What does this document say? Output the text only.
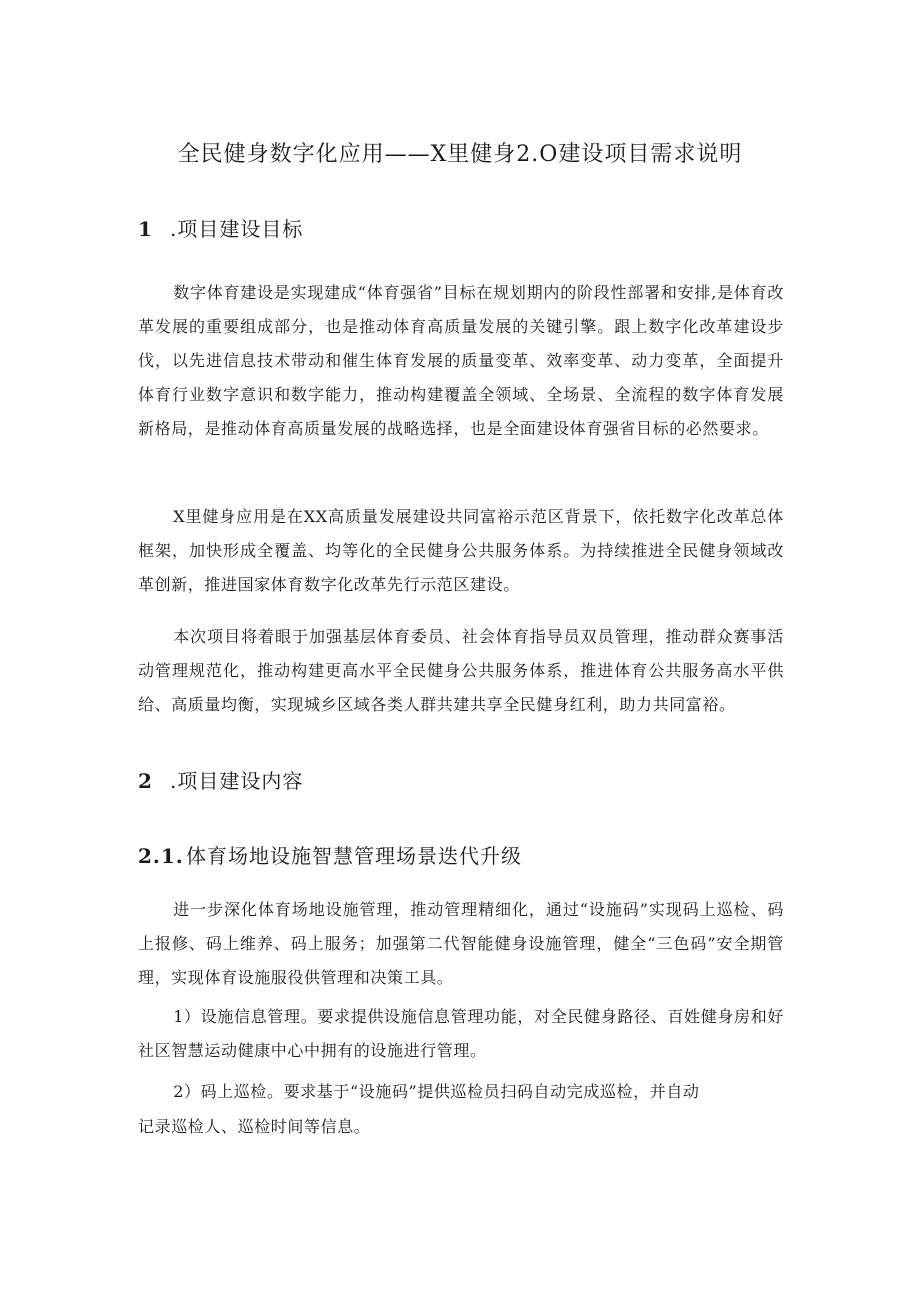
全民健身数字化应用——X里健身2.O建设项目需求说明
1 .项目建设目标

数字体育建设是实现建成“体育强省”目标在规划期内的阶段性部署和安排,是体育改革发展的重要组成部分，也是推动体育高质量发展的关键引擎。跟上数字化改革建设步伐，以先进信息技术带动和催生体育发展的质量变革、效率变革、动力变革，全面提升体育行业数字意识和数字能力，推动构建覆盖全领域、全场景、全流程的数字体育发展新格局，是推动体育高质量发展的战略选择，也是全面建设体育强省目标的必然要求。

X里健身应用是在XX高质量发展建设共同富裕示范区背景下，依托数字化改革总体框架，加快形成全覆盖、均等化的全民健身公共服务体系。为持续推进全民健身领域改革创新，推进国家体育数字化改革先行示范区建设。

本次项目将着眼于加强基层体育委员、社会体育指导员双员管理，推动群众赛事活动管理规范化，推动构建更高水平全民健身公共服务体系，推进体育公共服务高水平供给、高质量均衡，实现城乡区域各类人群共建共享全民健身红利，助力共同富裕。

2 .项目建设内容
2.1. 体育场地设施智慧管理场景迭代升级

进一步深化体育场地设施管理，推动管理精细化，通过“设施码”实现码上巡检、码上报修、码上维养、码上服务；加强第二代智能健身设施管理，健全“三色码”安全期管理，实现体育设施服役供管理和决策工具。

1）设施信息管理。要求提供设施信息管理功能，对全民健身路径、百姓健身房和好社区智慧运动健康中心中拥有的设施进行管理。

2）码上巡检。要求基于“设施码”提供巡检员扫码自动完成巡检，并自动

记录巡检人、巡检时间等信息。
